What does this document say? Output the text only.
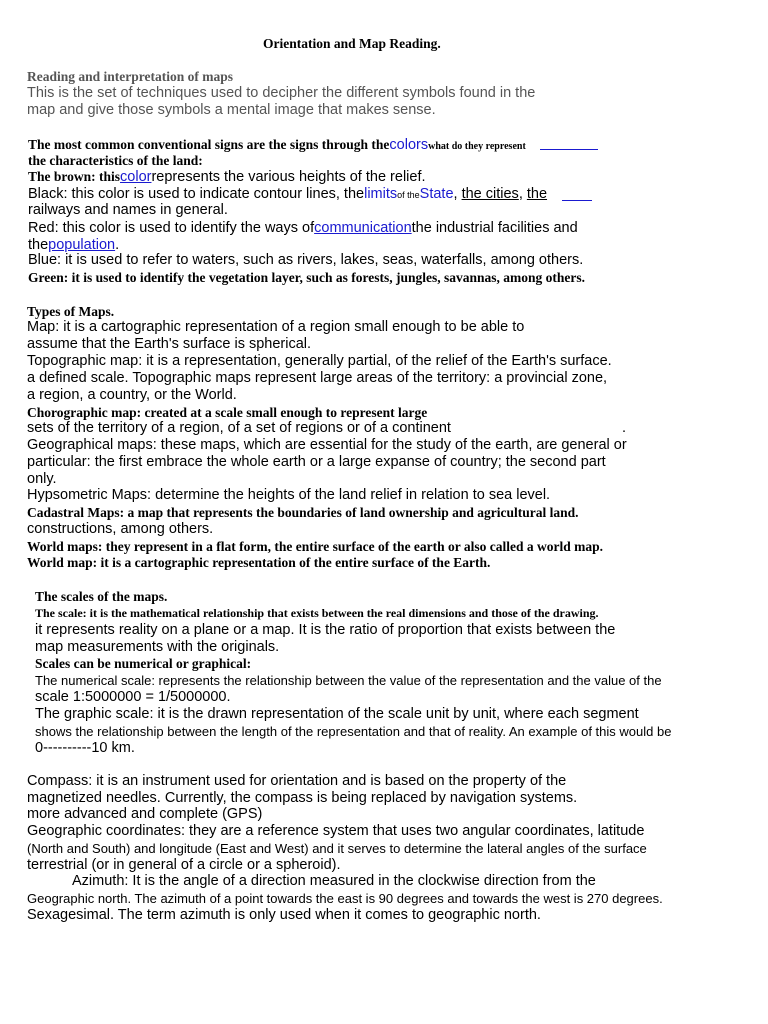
Orientation and Map Reading.
Reading and interpretation of maps
This is the set of techniques used to decipher the different symbols found in the
map and give those symbols a mental image that makes sense.
The most common conventional signs are the signs through thecolorswhat do they represent
the characteristics of the land:
The brown: thiscolorrepresents the various heights of the relief.
Black: this color is used to indicate contour lines, thelimitsof theState, the cities, the
railways and names in general.
Red: this color is used to identify the ways ofcommunicationthe industrial facilities and
thepopulation.
Blue: it is used to refer to waters, such as rivers, lakes, seas, waterfalls, among others.
Green: it is used to identify the vegetation layer, such as forests, jungles, savannas, among others.
Types of Maps.
Map: it is a cartographic representation of a region small enough to be able to
assume that the Earth's surface is spherical.
Topographic map: it is a representation, generally partial, of the relief of the Earth's surface.
a defined scale. Topographic maps represent large areas of the territory: a provincial zone,
a region, a country, or the World.
Chorographic map: created at a scale small enough to represent large
sets of the territory of a region, of a set of regions or of a continent	.
Geographical maps: these maps, which are essential for the study of the earth, are general or
particular: the first embrace the whole earth or a large expanse of country; the second part
only.
Hypsometric Maps: determine the heights of the land relief in relation to sea level.
Cadastral Maps: a map that represents the boundaries of land ownership and agricultural land.
constructions, among others.
World maps: they represent in a flat form, the entire surface of the earth or also called a world map.
World map: it is a cartographic representation of the entire surface of the Earth.
The scales of the maps.
The scale: it is the mathematical relationship that exists between the real dimensions and those of the drawing.
it represents reality on a plane or a map. It is the ratio of proportion that exists between the
map measurements with the originals.
Scales can be numerical or graphical:
The numerical scale: represents the relationship between the value of the representation and the value of the
scale 1:5000000 = 1/5000000.
The graphic scale: it is the drawn representation of the scale unit by unit, where each segment
shows the relationship between the length of the representation and that of reality. An example of this would be
0----------10 km.
Compass: it is an instrument used for orientation and is based on the property of the
magnetized needles. Currently, the compass is being replaced by navigation systems.
more advanced and complete (GPS)
Geographic coordinates: they are a reference system that uses two angular coordinates, latitude
(North and South) and longitude (East and West) and it serves to determine the lateral angles of the surface
terrestrial (or in general of a circle or a spheroid).
Azimuth: It is the angle of a direction measured in the clockwise direction from the
Geographic north. The azimuth of a point towards the east is 90 degrees and towards the west is 270 degrees.
Sexagesimal. The term azimuth is only used when it comes to geographic north.
